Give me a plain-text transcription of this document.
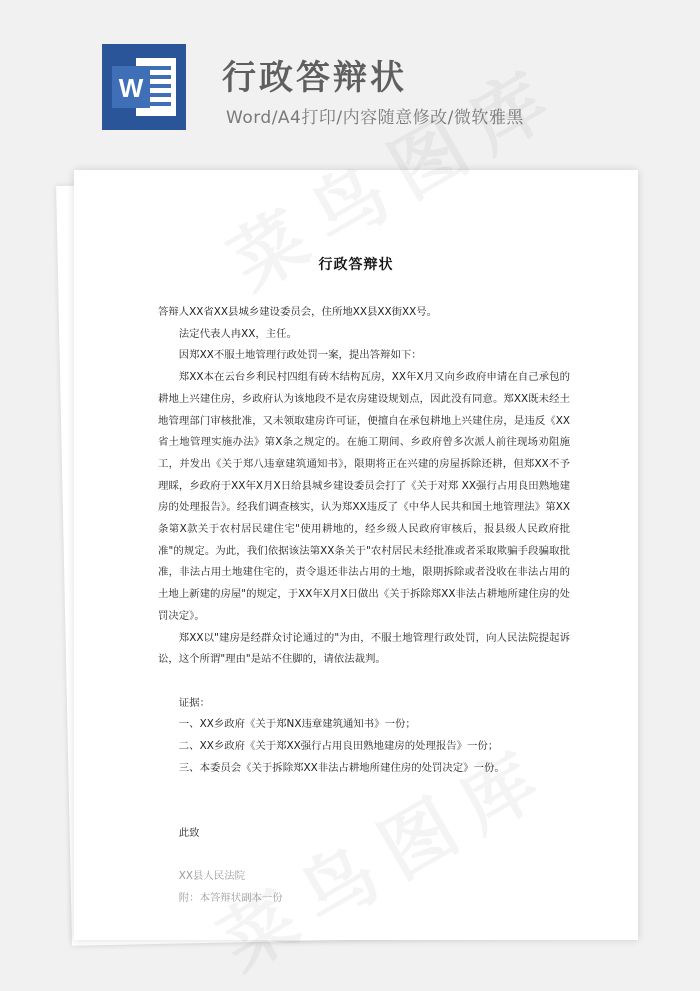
W 行政答辩状
Word/A4打印/内容随意修改/微软雅黑
行政答辩状

答辩人XX省XX县城乡建设委员会，住所地XX县XX街XX号。

法定代表人冉XX，主任。

因郑XX不服土地管理行政处罚一案，提出答辩如下：

郑XX本在云台乡利民村四组有砖木结构瓦房，XX年X月又向乡政府申请在自己承包的耕地上兴建住房，乡政府认为该地段不是农房建设规划点，因此没有同意。郑XX既未经土地管理部门审核批准，又未领取建房许可证，便擅自在承包耕地上兴建住房，是违反《XX省土地管理实施办法》第X条之规定的。在施工期间、乡政府曾多次派人前往现场劝阻施工，并发出《关于郑八违章建筑通知书》，限期将正在兴建的房屋拆除还耕，但郑XX不予理睬，乡政府于XX年X月X日给县城乡建设委员会打了《关于对郑 XX强行占用良田熟地建房的处理报告》。经我们调查核实，认为郑XX违反了《中华人民共和国土地管理法》第XX条第X款关于农村居民建住宅"使用耕地的，经乡级人民政府审核后，报县级人民政府批准"的规定。为此，我们依据该法第XX条关于"农村居民未经批准或者采取欺骗手段骗取批准，非法占用土地建住宅的，责令退还非法占用的土地，限期拆除或者没收在非法占用的土地上新建的房屋"的规定，于XX年X月X日做出《关于拆除郑XX非法占耕地所建住房的处罚决定》。

郑XX以"建房是经群众讨论通过的"为由，不服土地管理行政处罚，向人民法院提起诉讼，这个所谓"理由"是站不住脚的，请依法裁判。

证据：

一、XX乡政府《关于郑NX违章建筑通知书》一份；

二、XX乡政府《关于郑XX强行占用良田熟地建房的处理报告》一份；

三、本委员会《关于拆除郑XX非法占耕地所建住房的处罚决定》一份。

此致

XX县人民法院

附：本答辩状副本一份
